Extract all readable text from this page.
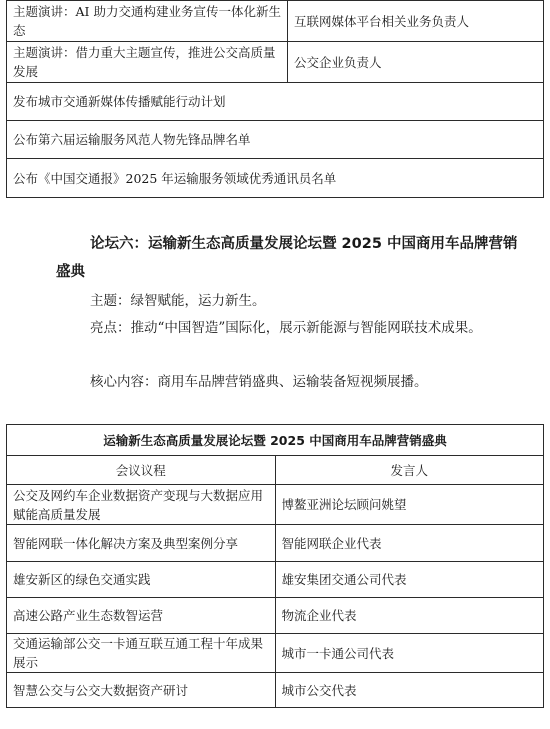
主题演讲：AI 助力交通构建业务宣传一体化新生态	互联网媒体平台相关业务负责人
主题演讲：借力重大主题宣传，推进公交高质量发展	公交企业负责人
发布城市交通新媒体传播赋能行动计划	
公布第六届运输服务风范人物先锋品牌名单	
公布《中国交通报》2025 年运输服务领域优秀通讯员名单	
论坛六：运输新生态高质量发展论坛暨 2025 中国商用车品牌营销盛典
主题：绿智赋能，运力新生。
亮点：推动“中国智造”国际化，展示新能源与智能网联技术成果。
核心内容：商用车品牌营销盛典、运输装备短视频展播。
运输新生态高质量发展论坛暨 2025 中国商用车品牌营销盛典	
会议议程	发言人
公交及网约车企业数据资产变现与大数据应用赋能高质量发展	博鳌亚洲论坛顾问姚望
智能网联一体化解决方案及典型案例分享	智能网联企业代表
雄安新区的绿色交通实践	雄安集团交通公司代表
高速公路产业生态数智运营	物流企业代表
交通运输部公交一卡通互联互通工程十年成果展示	城市一卡通公司代表
智慧公交与公交大数据资产研讨	城市公交代表
